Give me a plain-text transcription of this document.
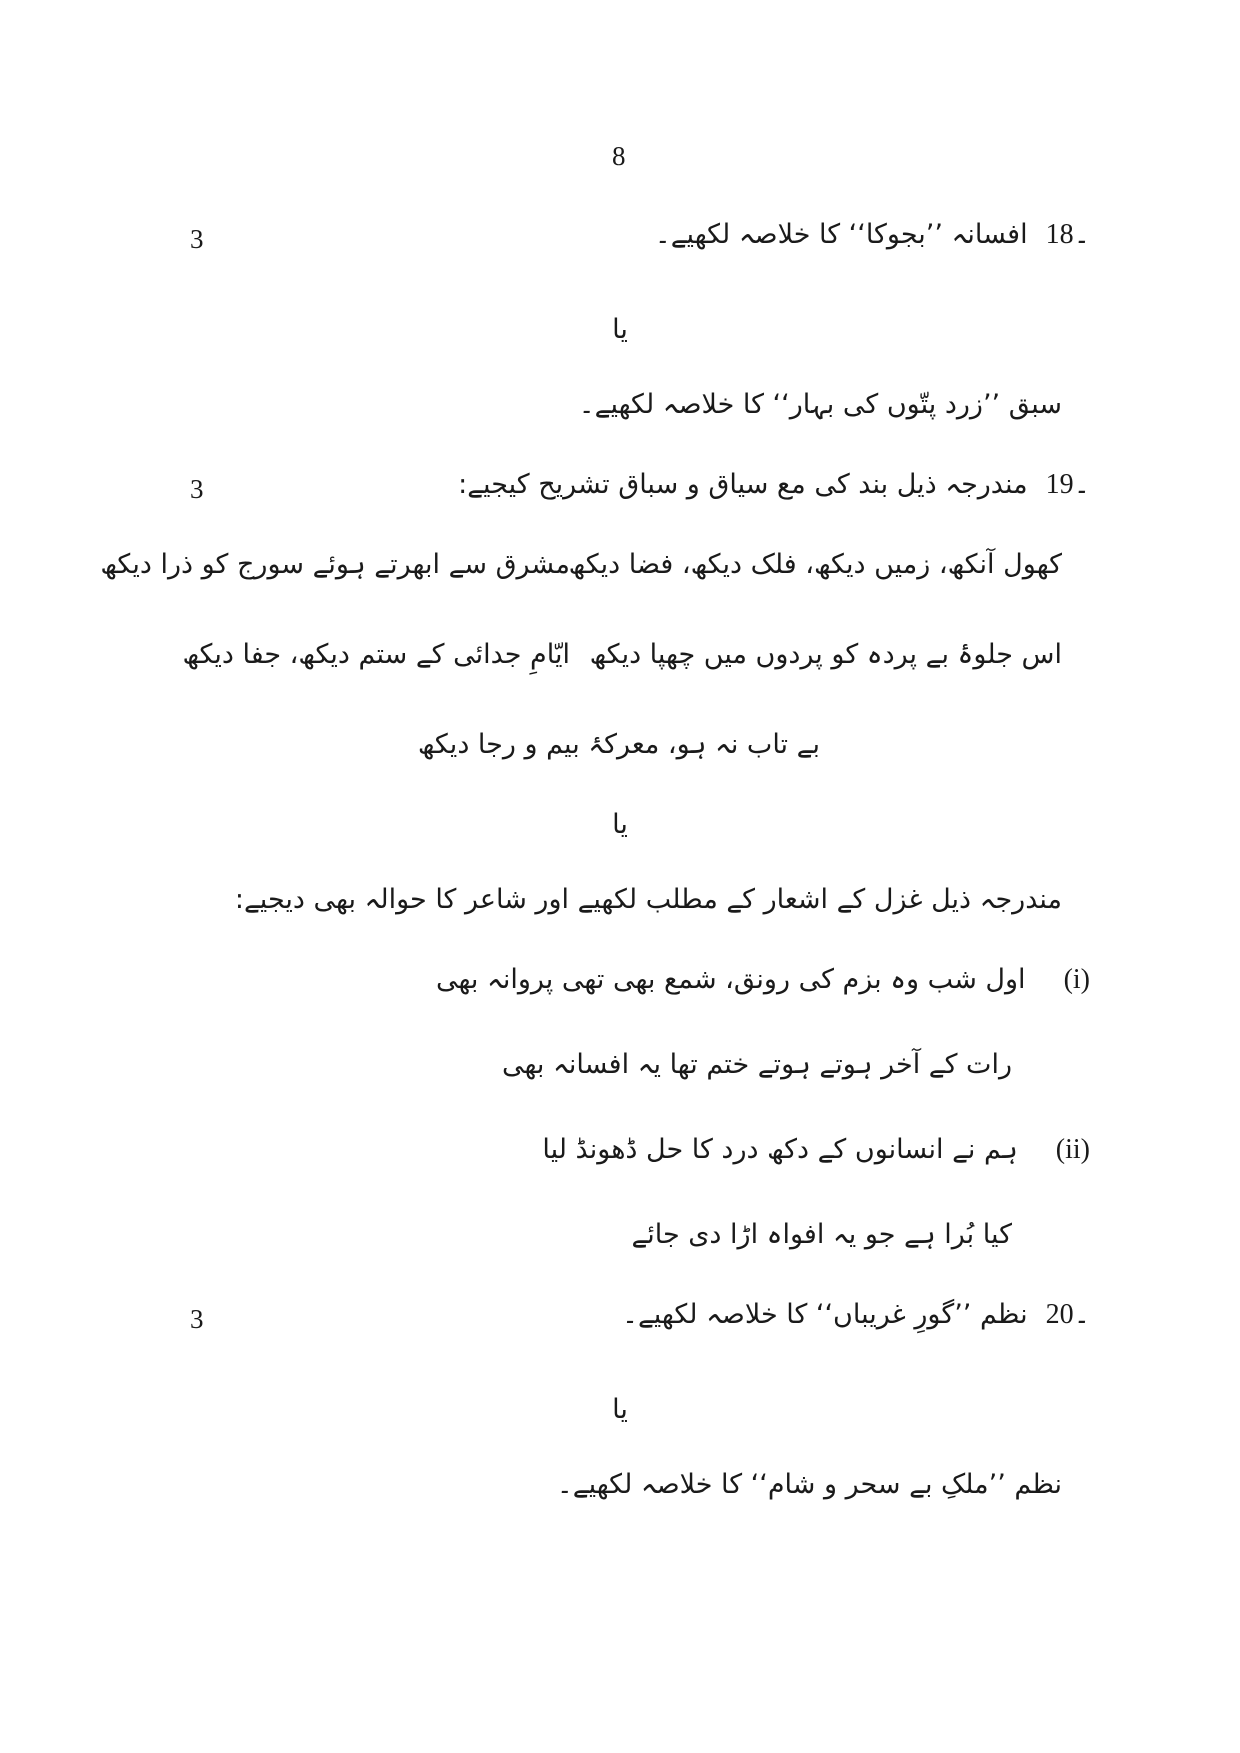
8
18۔
افسانہ ’’بجوکا‘‘ کا خلاصہ لکھیے۔
3
یا
سبق ’’زرد پتّوں کی بہار‘‘ کا خلاصہ لکھیے۔
19۔
مندرجہ ذیل بند کی مع سیاق و سباق تشریح کیجیے:
3
کھول آنکھ، زمیں دیکھ، فلک دیکھ، فضا دیکھ
مشرق سے ابھرتے ہوئے سورج کو ذرا دیکھ
اس جلوۂ بے پردہ کو پردوں میں چھپا دیکھ
ایّامِ جدائی کے ستم دیکھ، جفا دیکھ
بے تاب نہ ہو، معرکۂ بیم و رجا دیکھ
یا
مندرجہ ذیل غزل کے اشعار کے مطلب لکھیے اور شاعر کا حوالہ بھی دیجیے:
(i)
اول شب وہ بزم کی رونق، شمع بھی تھی پروانہ بھی
رات کے آخر ہوتے ہوتے ختم تھا یہ افسانہ بھی
(ii)
ہم نے انسانوں کے دکھ درد کا حل ڈھونڈ لیا
کیا بُرا ہے جو یہ افواہ اڑا دی جائے
20۔
نظم ’’گورِ غریباں‘‘ کا خلاصہ لکھیے۔
3
یا
نظم ’’ملکِ بے سحر و شام‘‘ کا خلاصہ لکھیے۔
